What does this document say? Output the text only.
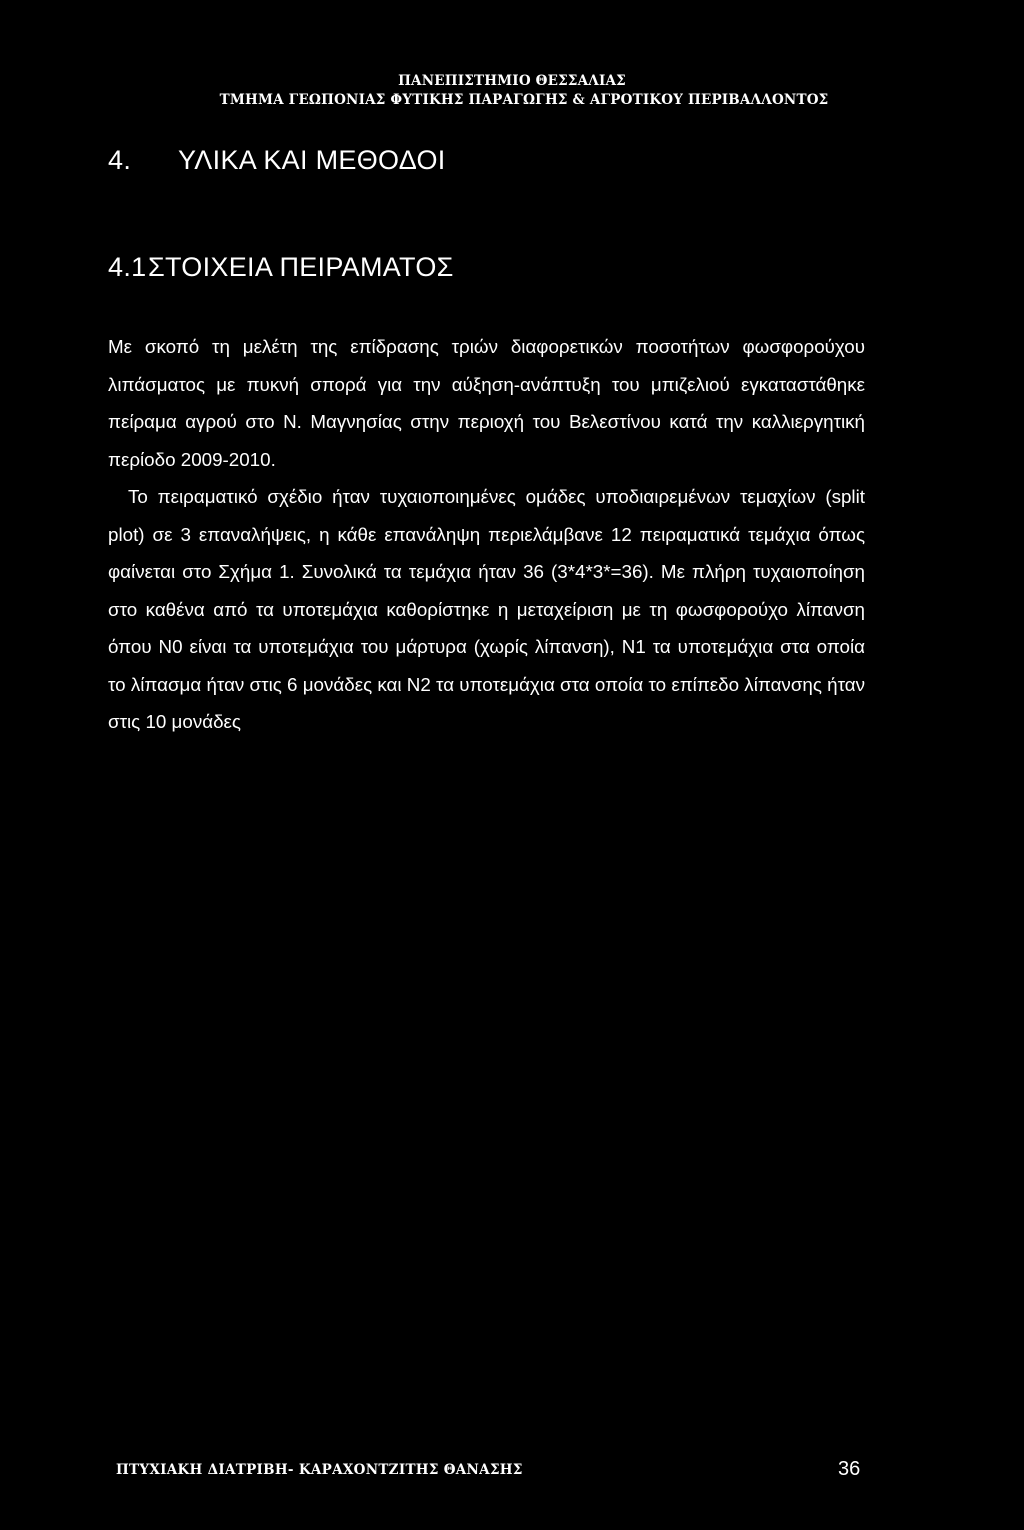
ΠΑΝΕΠΙΣΤΗΜΙΟ ΘΕΣΣΑΛΙΑΣ
ΤΜΗΜΑ ΓΕΩΠΟΝΙΑΣ ΦΥΤΙΚΗΣ ΠΑΡΑΓΩΓΗΣ & ΑΓΡΟΤΙΚΟΥ ΠΕΡΙΒΑΛΛΟΝΤΟΣ
4. ΥΛΙΚΑ ΚΑΙ ΜΕΘΟΔΟΙ
4.1ΣΤΟΙΧΕΙΑ ΠΕΙΡΑΜΑΤΟΣ

Με σκοπό τη μελέτη της επίδρασης τριών διαφορετικών ποσοτήτων φωσφορούχου λιπάσματος με πυκνή σπορά για την αύξηση-ανάπτυξη του μπιζελιού εγκαταστάθηκε πείραμα αγρού στο Ν. Μαγνησίας στην περιοχή του Βελεστίνου κατά την καλλιεργητική περίοδο 2009-2010.

Το πειραματικό σχέδιο ήταν τυχαιοποιημένες ομάδες υποδιαιρεμένων τεμαχίων (split plot) σε 3 επαναλήψεις, η κάθε επανάληψη περιελάμβανε 12 πειραματικά τεμάχια όπως φαίνεται στο Σχήμα 1. Συνολικά τα τεμάχια ήταν 36 (3*4*3*=36). Με πλήρη τυχαιοποίηση στο καθένα από τα υποτεμάχια καθορίστηκε η μεταχείριση με τη φωσφορούχο λίπανση όπου Ν0 είναι τα υποτεμάχια του μάρτυρα (χωρίς λίπανση), Ν1 τα υποτεμάχια στα οποία το λίπασμα ήταν στις 6 μονάδες και Ν2 τα υποτεμάχια στα οποία το επίπεδο λίπανσης ήταν στις 10 μονάδες

ΠΤΥΧΙΑΚΗ ΔΙΑΤΡΙΒΗ- ΚΑΡΑΧΟΝΤΖΙΤΗΣ ΘΑΝΑΣΗΣ	36
